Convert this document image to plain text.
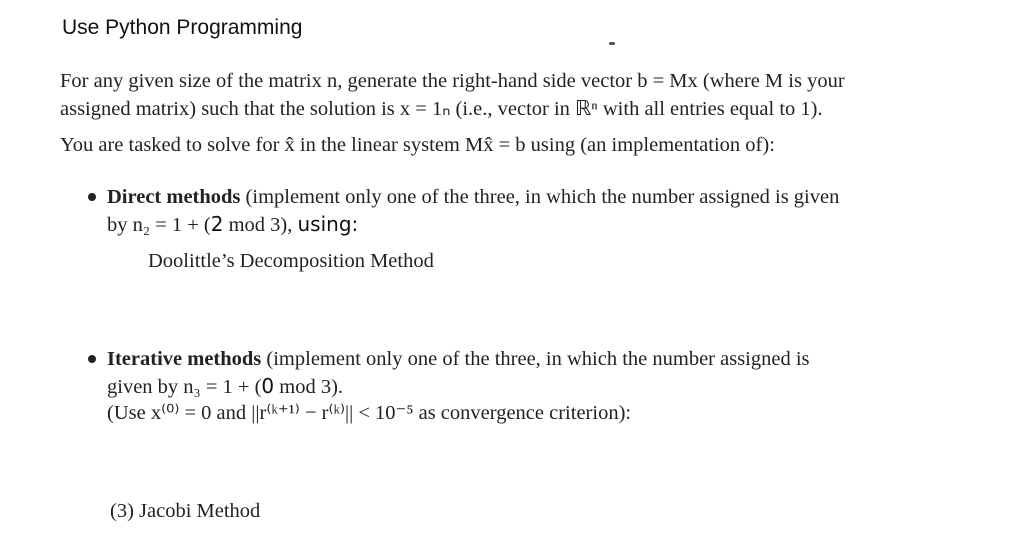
Use Python Programming
For any given size of the matrix n, generate the right-hand side vector b = Mx (where M is your
assigned matrix) such that the solution is x = 1ₙ (i.e., vector in ℝⁿ with all entries equal to 1).
You are tasked to solve for x̂ in the linear system Mx̂ = b using (an implementation of):
Direct methods (implement only one of the three, in which the number assigned is given
by n₂ = 1 + (2 mod 3), using:
Doolittle’s Decomposition Method
Iterative methods (implement only one of the three, in which the number assigned is
given by n₃ = 1 + (0 mod 3).
(Use x⁽⁰⁾ = 0 and ||r⁽ᵏ⁺¹⁾ − r⁽ᵏ⁾|| < 10⁻⁵ as convergence criterion):
(3) Jacobi Method
